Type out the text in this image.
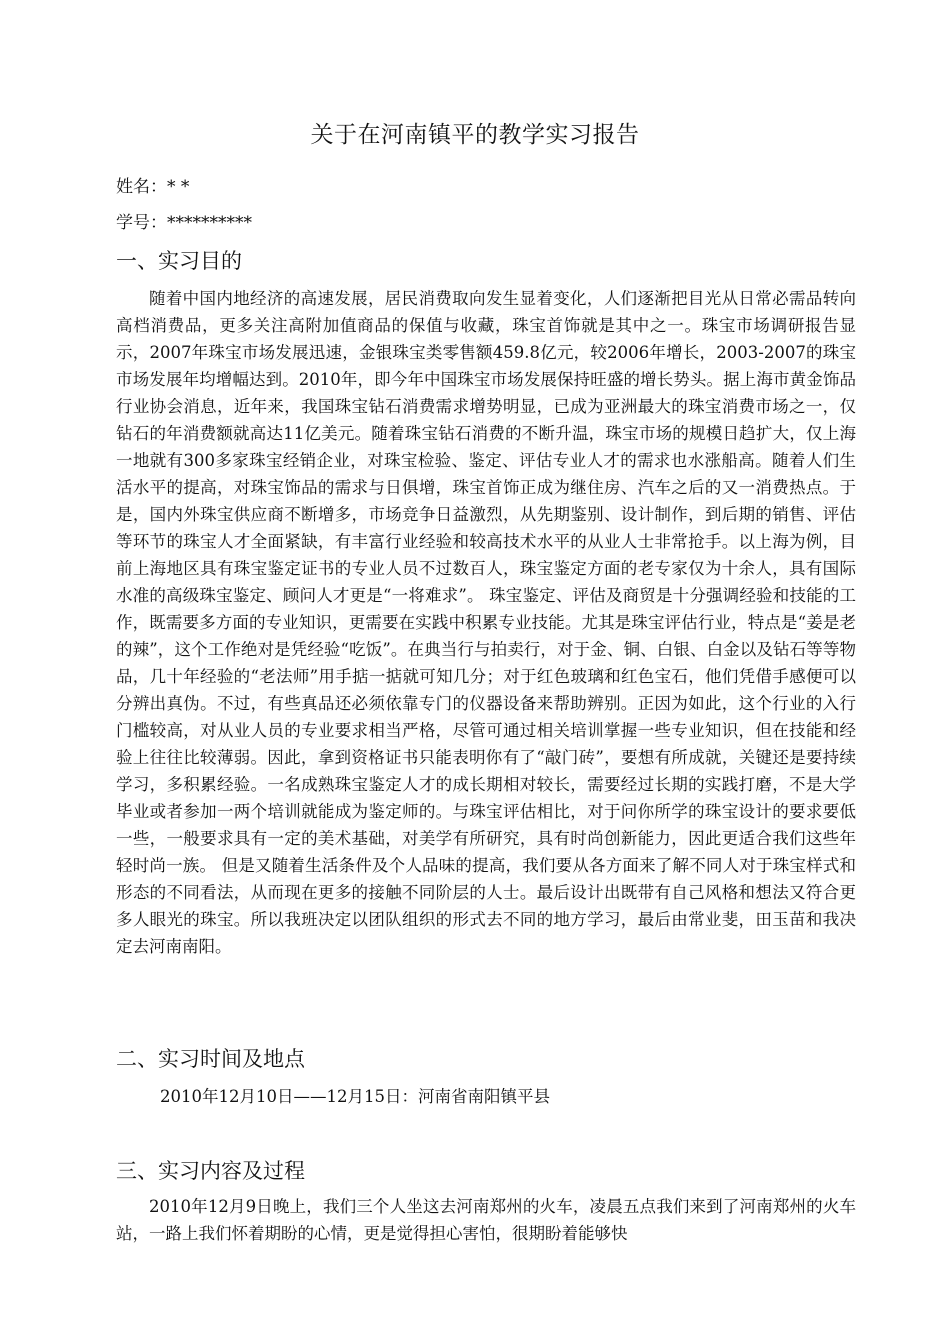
关于在河南镇平的教学实习报告
姓名：* *
学号：**********
一、实习目的

随着中国内地经济的高速发展，居民消费取向发生显着变化，人们逐渐把目光从日常必需品转向高档消费品，更多关注高附加值商品的保值与收藏，珠宝首饰就是其中之一。珠宝市场调研报告显示，2007年珠宝市场发展迅速，金银珠宝类零售额459.8亿元，较2006年增长，2003-2007的珠宝市场发展年均增幅达到。2010年，即今年中国珠宝市场发展保持旺盛的增长势头。据上海市黄金饰品行业协会消息，近年来，我国珠宝钻石消费需求增势明显，已成为亚洲最大的珠宝消费市场之一，仅钻石的年消费额就高达11亿美元。随着珠宝钻石消费的不断升温，珠宝市场的规模日趋扩大，仅上海一地就有300多家珠宝经销企业，对珠宝检验、鉴定、评估专业人才的需求也水涨船高。随着人们生活水平的提高，对珠宝饰品的需求与日俱增，珠宝首饰正成为继住房、汽车之后的又一消费热点。于是，国内外珠宝供应商不断增多，市场竞争日益激烈，从先期鉴别、设计制作，到后期的销售、评估等环节的珠宝人才全面紧缺，有丰富行业经验和较高技术水平的从业人士非常抢手。以上海为例，目前上海地区具有珠宝鉴定证书的专业人员不过数百人，珠宝鉴定方面的老专家仅为十余人，具有国际水准的高级珠宝鉴定、顾问人才更是“一将难求”。 珠宝鉴定、评估及商贸是十分强调经验和技能的工作，既需要多方面的专业知识，更需要在实践中积累专业技能。尤其是珠宝评估行业，特点是“姜是老的辣”，这个工作绝对是凭经验“吃饭”。在典当行与拍卖行，对于金、铜、白银、白金以及钻石等等物品，几十年经验的“老法师”用手掂一掂就可知几分；对于红色玻璃和红色宝石，他们凭借手感便可以分辨出真伪。不过，有些真品还必须依靠专门的仪器设备来帮助辨别。正因为如此，这个行业的入行门槛较高，对从业人员的专业要求相当严格，尽管可通过相关培训掌握一些专业知识，但在技能和经验上往往比较薄弱。因此，拿到资格证书只能表明你有了“敲门砖”，要想有所成就，关键还是要持续学习，多积累经验。一名成熟珠宝鉴定人才的成长期相对较长，需要经过长期的实践打磨，不是大学毕业或者参加一两个培训就能成为鉴定师的。与珠宝评估相比，对于问你所学的珠宝设计的要求要低一些，一般要求具有一定的美术基础，对美学有所研究，具有时尚创新能力，因此更适合我们这些年轻时尚一族。 但是又随着生活条件及个人品味的提高，我们要从各方面来了解不同人对于珠宝样式和形态的不同看法，从而现在更多的接触不同阶层的人士。最后设计出既带有自己风格和想法又符合更多人眼光的珠宝。所以我班决定以团队组织的形式去不同的地方学习，最后由常业斐，田玉苗和我决定去河南南阳。

二、实习时间及地点

2010年12月10日——12月15日：河南省南阳镇平县

三、实习内容及过程

2010年12月9日晚上，我们三个人坐这去河南郑州的火车，凌晨五点我们来到了河南郑州的火车站，一路上我们怀着期盼的心情，更是觉得担心害怕，很期盼着能够快
